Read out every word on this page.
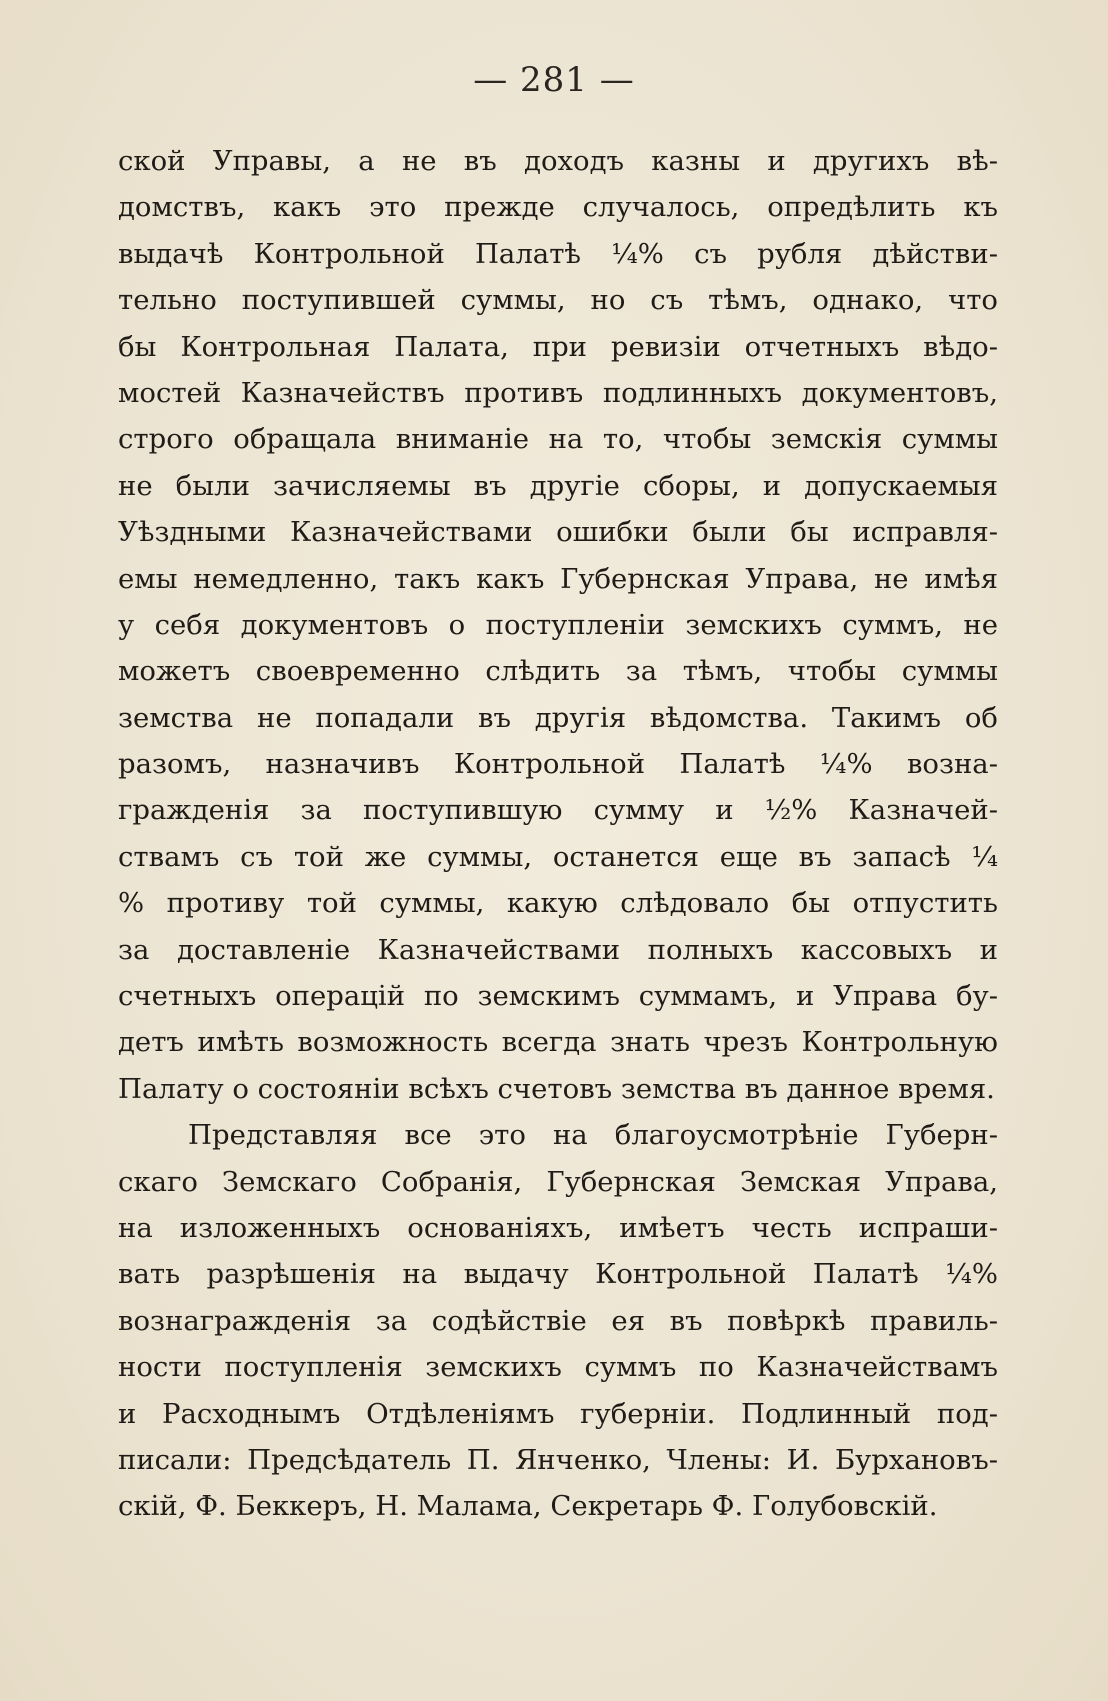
— 281 —
ской Управы, а не въ доходъ казны и другихъ вѣ-
домствъ, какъ это прежде случалось, опредѣлить къ
выдачѣ Контрольной Палатѣ ¼% съ рубля дѣйстви-
тельно поступившей суммы, но съ тѣмъ, однако, что
бы Контрольная Палата, при ревизіи отчетныхъ вѣдо-
мостей Казначействъ противъ подлинныхъ документовъ,
строго обращала вниманіе на то, чтобы земскія суммы
не были зачисляемы въ другіе сборы, и допускаемыя
Уѣздными Казначействами ошибки были бы исправля-
емы немедленно, такъ какъ Губернская Управа, не имѣя
у себя документовъ о поступленіи земскихъ суммъ, не
можетъ своевременно слѣдить за тѣмъ, чтобы суммы
земства не попадали въ другія вѣдомства. Такимъ об
разомъ, назначивъ Контрольной Палатѣ ¼% возна-
гражденія за поступившую сумму и ½% Казначей-
ствамъ съ той же суммы, останется еще въ запасѣ ¼
% противу той суммы, какую слѣдовало бы отпустить
за доставленіе Казначействами полныхъ кассовыхъ и
счетныхъ операцій по земскимъ суммамъ, и Управа бу-
детъ имѣть возможность всегда знать чрезъ Контрольную
Палату о состояніи всѣхъ счетовъ земства въ данное время.
Представляя все это на благоусмотрѣніе Губерн-
скаго Земскаго Собранія, Губернская Земская Управа,
на изложенныхъ основаніяхъ, имѣетъ честь испраши-
вать разрѣшенія на выдачу Контрольной Палатѣ ¼%
вознагражденія за содѣйствіе ея въ повѣркѣ правиль-
ности поступленія земскихъ суммъ по Казначействамъ
и Расходнымъ Отдѣленіямъ губерніи. Подлинный под-
писали: Предсѣдатель П. Янченко, Члены: И. Бурхановъ-
скій, Ф. Беккеръ, Н. Малама, Секретарь Ф. Голубовскій.
